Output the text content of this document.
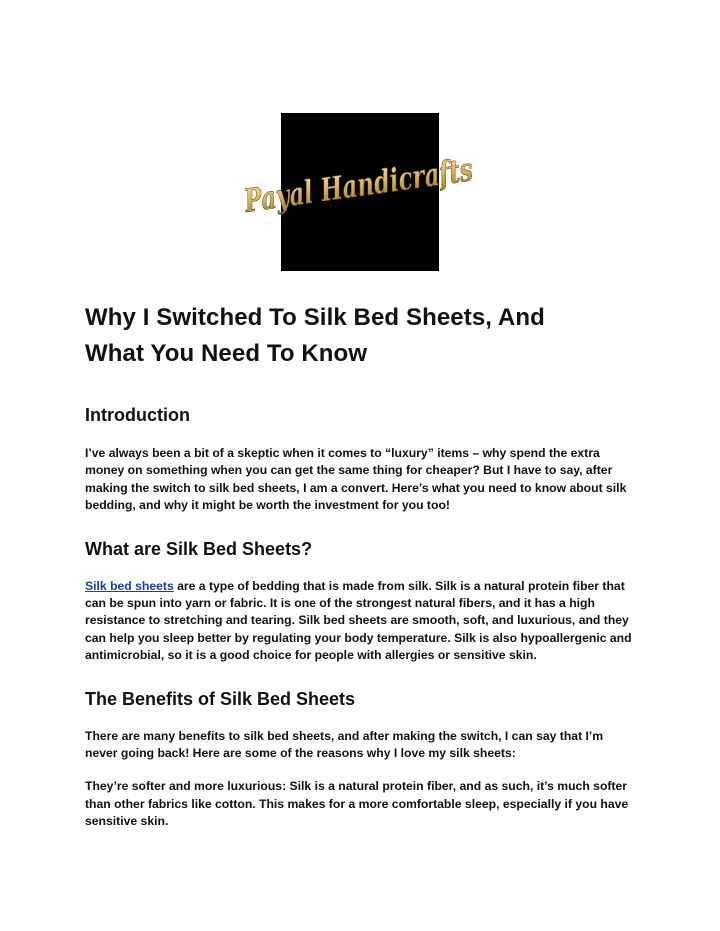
Payal Handicrafts
Why I Switched To Silk Bed Sheets, And
What You Need To Know
Introduction

I’ve always been a bit of a skeptic when it comes to “luxury” items – why spend the extra money on something when you can get the same thing for cheaper? But I have to say, after making the switch to silk bed sheets, I am a convert. Here’s what you need to know about silk bedding, and why it might be worth the investment for you too!

What are Silk Bed Sheets?

Silk bed sheets are a type of bedding that is made from silk. Silk is a natural protein fiber that can be spun into yarn or fabric. It is one of the strongest natural fibers, and it has a high resistance to stretching and tearing. Silk bed sheets are smooth, soft, and luxurious, and they can help you sleep better by regulating your body temperature. Silk is also hypoallergenic and antimicrobial, so it is a good choice for people with allergies or sensitive skin.

The Benefits of Silk Bed Sheets

There are many benefits to silk bed sheets, and after making the switch, I can say that I’m never going back! Here are some of the reasons why I love my silk sheets:

They’re softer and more luxurious: Silk is a natural protein fiber, and as such, it’s much softer than other fabrics like cotton. This makes for a more comfortable sleep, especially if you have sensitive skin.
